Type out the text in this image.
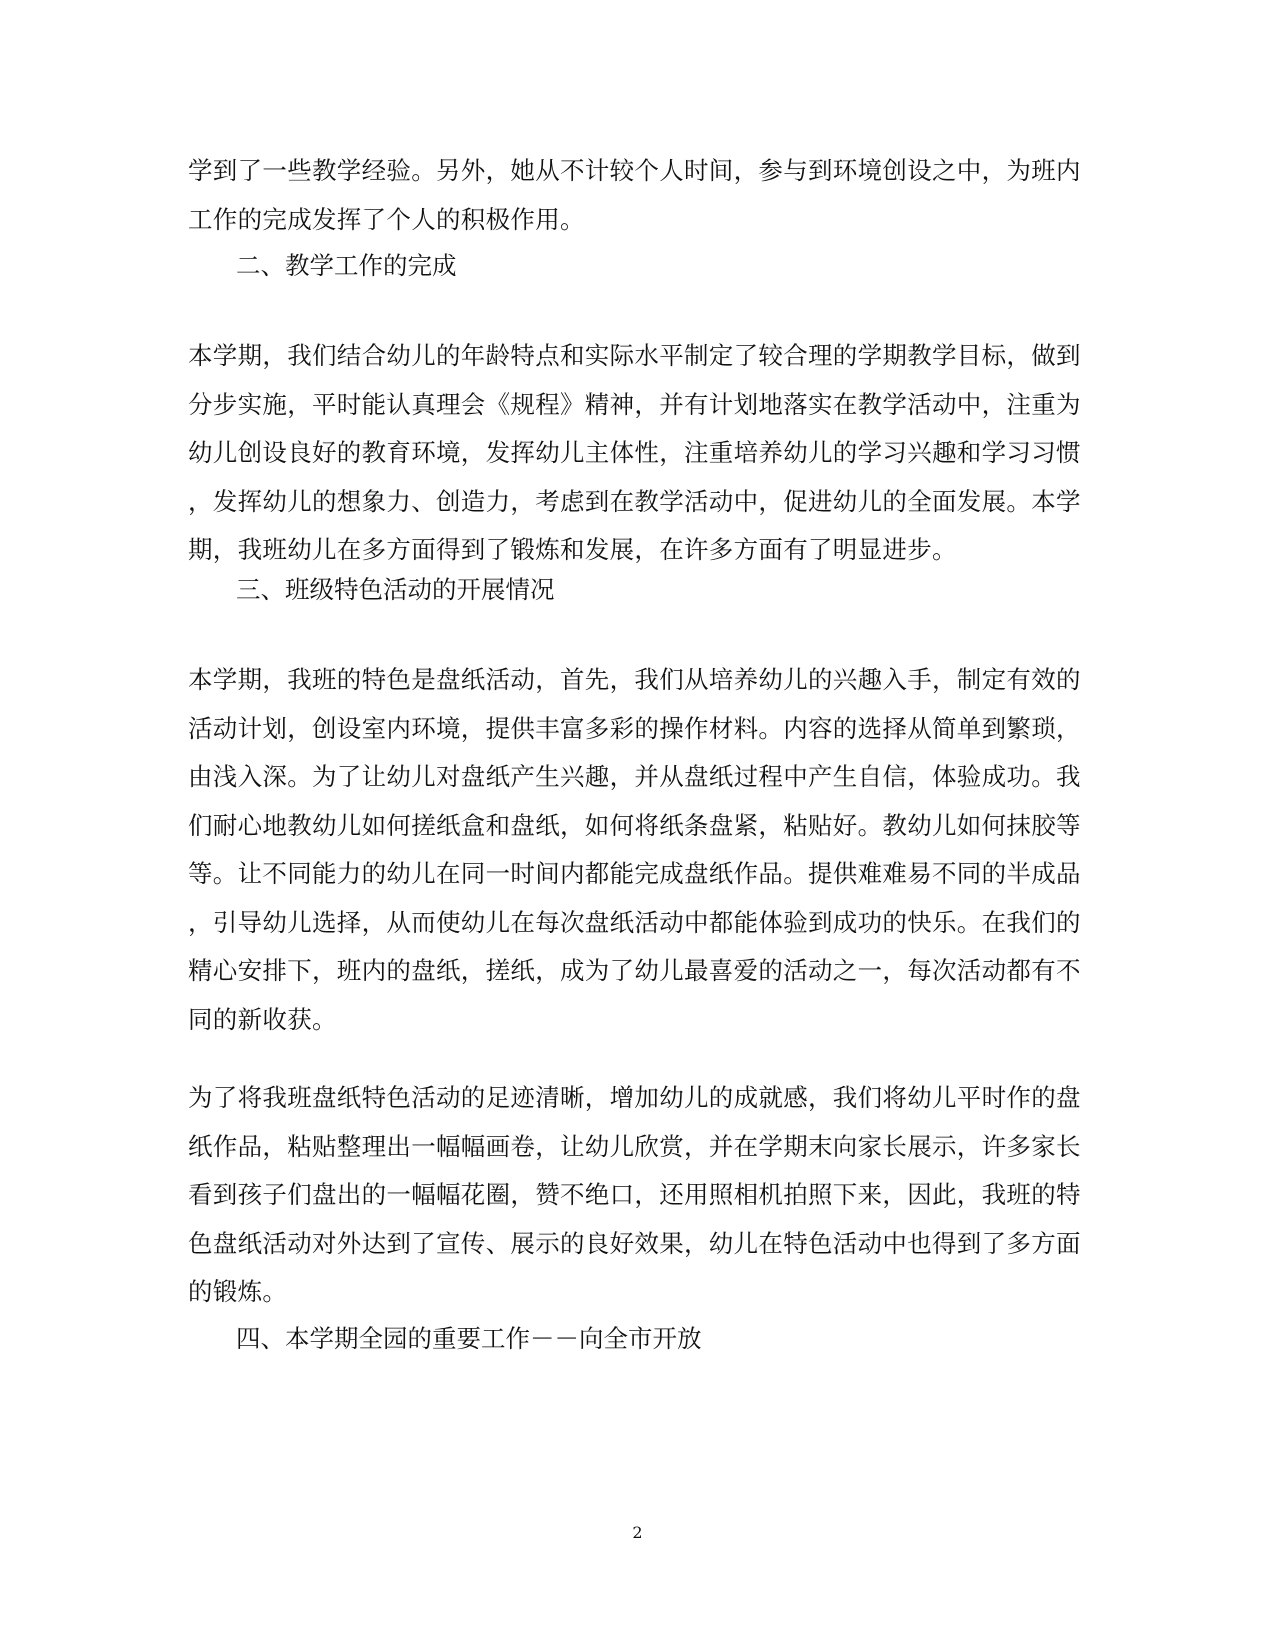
学到了一些教学经验。另外，她从不计较个人时间，参与到环境创设之中，为班内
工作的完成发挥了个人的积极作用。

二、教学工作的完成

本学期，我们结合幼儿的年龄特点和实际水平制定了较合理的学期教学目标，做到
分步实施，平时能认真理会《规程》精神，并有计划地落实在教学活动中，注重为
幼儿创设良好的教育环境，发挥幼儿主体性，注重培养幼儿的学习兴趣和学习习惯
，发挥幼儿的想象力、创造力，考虑到在教学活动中，促进幼儿的全面发展。本学
期，我班幼儿在多方面得到了锻炼和发展，在许多方面有了明显进步。

三、班级特色活动的开展情况

本学期，我班的特色是盘纸活动，首先，我们从培养幼儿的兴趣入手，制定有效的
活动计划，创设室内环境，提供丰富多彩的操作材料。内容的选择从简单到繁琐，
由浅入深。为了让幼儿对盘纸产生兴趣，并从盘纸过程中产生自信，体验成功。我
们耐心地教幼儿如何搓纸盒和盘纸，如何将纸条盘紧，粘贴好。教幼儿如何抹胶等
等。让不同能力的幼儿在同一时间内都能完成盘纸作品。提供难难易不同的半成品
，引导幼儿选择，从而使幼儿在每次盘纸活动中都能体验到成功的快乐。在我们的
精心安排下，班内的盘纸，搓纸，成为了幼儿最喜爱的活动之一，每次活动都有不
同的新收获。

为了将我班盘纸特色活动的足迹清晰，增加幼儿的成就感，我们将幼儿平时作的盘
纸作品，粘贴整理出一幅幅画卷，让幼儿欣赏，并在学期末向家长展示，许多家长
看到孩子们盘出的一幅幅花圈，赞不绝口，还用照相机拍照下来，因此，我班的特
色盘纸活动对外达到了宣传、展示的良好效果，幼儿在特色活动中也得到了多方面
的锻炼。

四、本学期全园的重要工作－－向全市开放
2
